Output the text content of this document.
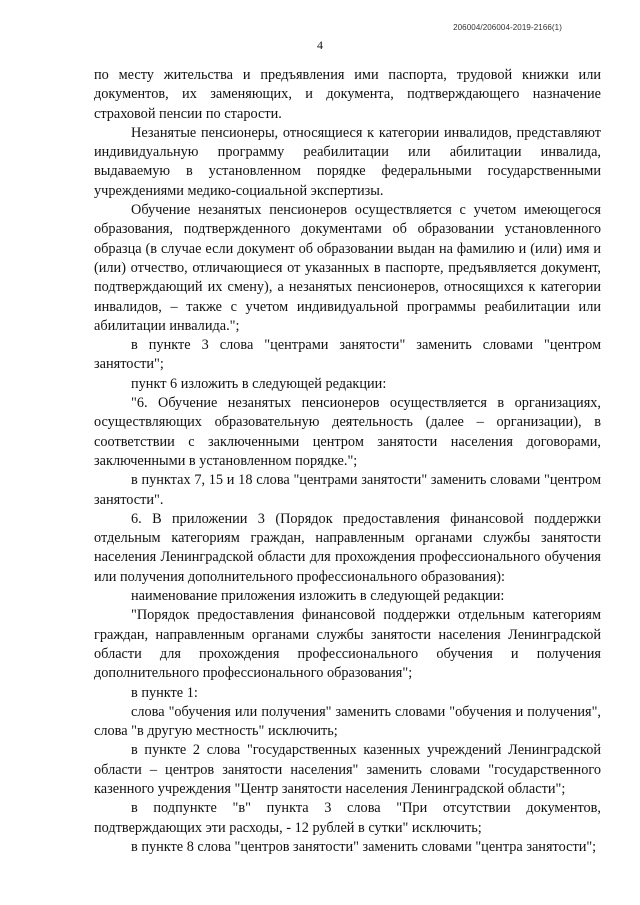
206004/206004-2019-2166(1)
4

по месту жительства и предъявления ими паспорта, трудовой книжки или документов, их заменяющих, и документа, подтверждающего назначение страховой пенсии по старости.

Незанятые пенсионеры, относящиеся к категории инвалидов, представляют индивидуальную программу реабилитации или абилитации инвалида, выдаваемую в установленном порядке федеральными государственными учреждениями медико-социальной экспертизы.

Обучение незанятых пенсионеров осуществляется с учетом имеющегося образования, подтвержденного документами об образовании установленного образца (в случае если документ об образовании выдан на фамилию и (или) имя и (или) отчество, отличающиеся от указанных в паспорте, предъявляется документ, подтверждающий их смену), а незанятых пенсионеров, относящихся к категории инвалидов, – также с учетом индивидуальной программы реабилитации или абилитации инвалида.";

в пункте 3 слова "центрами занятости" заменить словами "центром занятости";

пункт 6 изложить в следующей редакции:

"6. Обучение незанятых пенсионеров осуществляется в организациях, осуществляющих образовательную деятельность (далее – организации), в соответствии с заключенными центром занятости населения договорами, заключенными в установленном порядке.";

в пунктах 7, 15 и 18 слова "центрами занятости" заменить словами "центром занятости".

6. В приложении 3 (Порядок предоставления финансовой поддержки отдельным категориям граждан, направленным органами службы занятости населения Ленинградской области для прохождения профессионального обучения или получения дополнительного профессионального образования):

наименование приложения изложить в следующей редакции:

"Порядок предоставления финансовой поддержки отдельным категориям граждан, направленным органами службы занятости населения Ленинградской области для прохождения профессионального обучения и получения дополнительного профессионального образования";

в пункте 1:

слова "обучения или получения" заменить словами "обучения и получения", слова "в другую местность" исключить;

в пункте 2 слова "государственных казенных учреждений Ленинградской области – центров занятости населения" заменить словами "государственного казенного учреждения "Центр занятости населения Ленинградской области";

в подпункте "в" пункта 3 слова "При отсутствии документов, подтверждающих эти расходы, - 12 рублей в сутки" исключить;

в пункте 8 слова "центров занятости" заменить словами "центра занятости";
